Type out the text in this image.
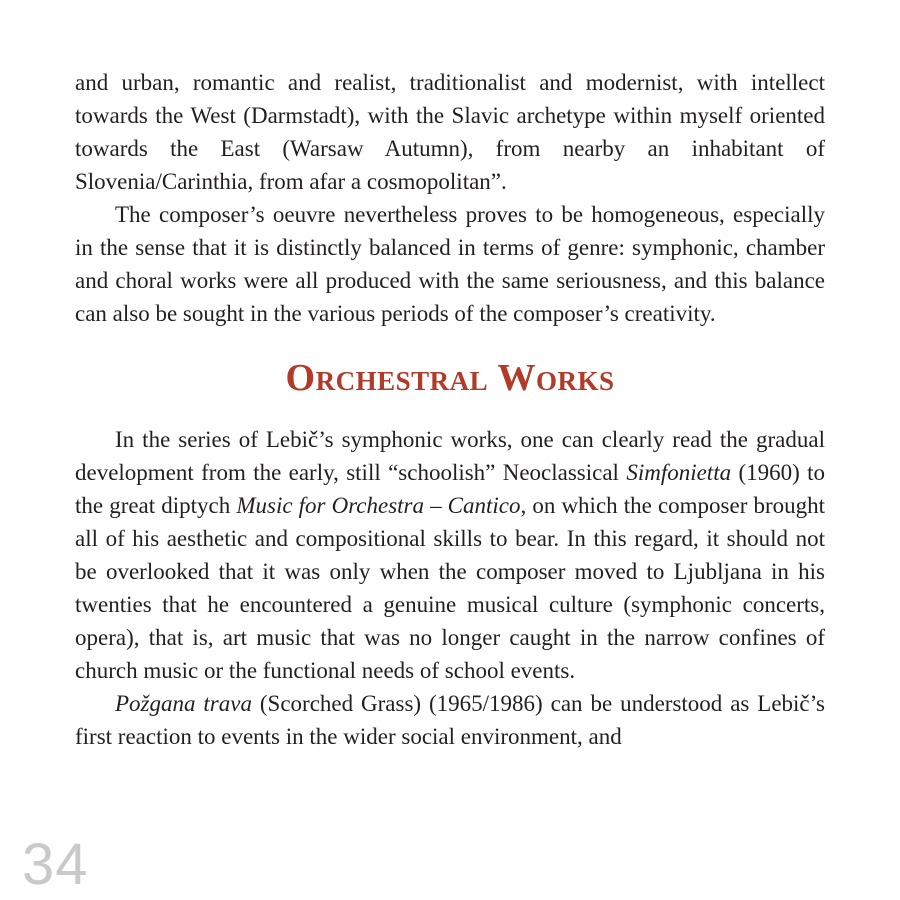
and urban, romantic and realist, traditionalist and modernist, with intellect towards the West (Darmstadt), with the Slavic archetype within myself oriented towards the East (Warsaw Autumn), from nearby an inhabitant of Slovenia/Carinthia, from afar a cosmopolitan”.

The composer’s oeuvre nevertheless proves to be homogeneous, especially in the sense that it is distinctly balanced in terms of genre: symphonic, chamber and choral works were all produced with the same seriousness, and this balance can also be sought in the various periods of the composer’s creativity.

Orchestral Works

In the series of Lebič’s symphonic works, one can clearly read the gradual development from the early, still “schoolish” Neoclassical Simfonietta (1960) to the great diptych Music for Orchestra – Cantico, on which the composer brought all of his aesthetic and compositional skills to bear. In this regard, it should not be overlooked that it was only when the composer moved to Ljubljana in his twenties that he encountered a genuine musical culture (symphonic concerts, opera), that is, art music that was no longer caught in the narrow confines of church music or the functional needs of school events.

Požgana trava (Scorched Grass) (1965/1986) can be understood as Lebič’s first reaction to events in the wider social environment, and

34
